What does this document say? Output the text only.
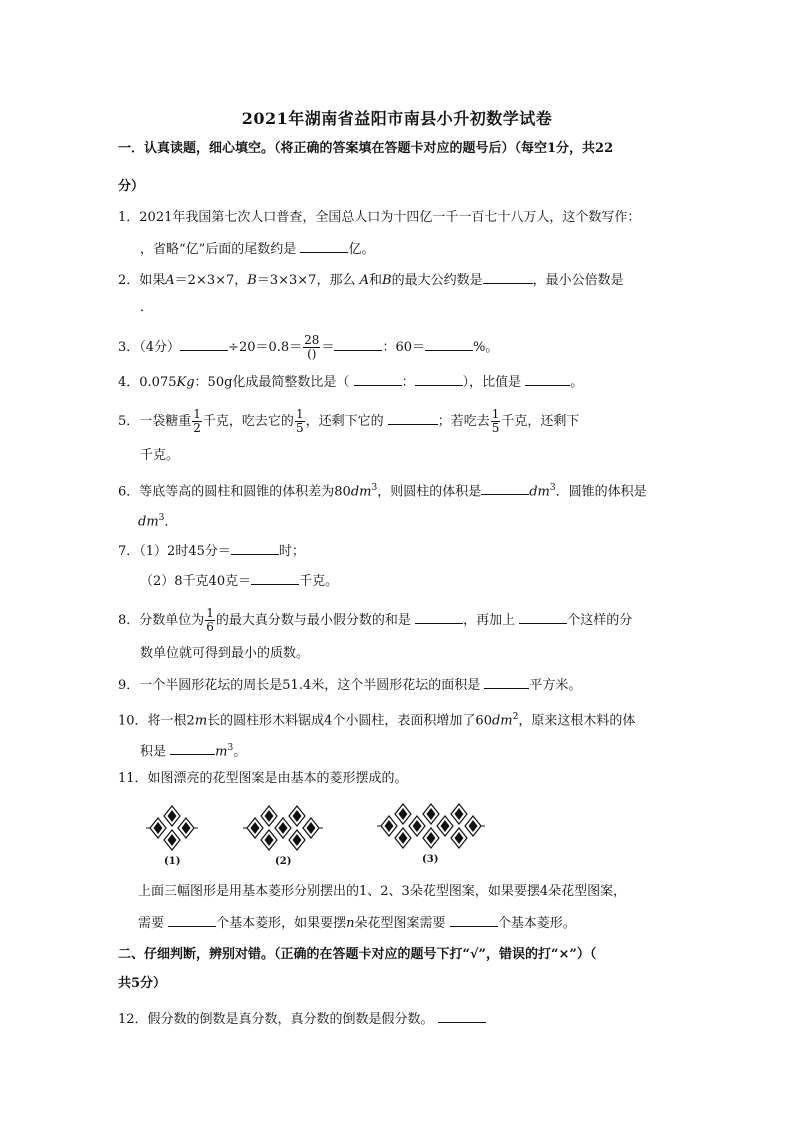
2021年湖南省益阳市南县小升初数学试卷
一．认真读题，细心填空。（将正确的答案填在答题卡对应的题号后）（每空1分，共22
分）
1．2021年我国第七次人口普查，全国总人口为十四亿一千一百七十八万人，这个数写作：
，省略“亿”后面的尾数约是	亿。
2．如果A＝2×3×7，B＝3×3×7，那么 A和B的最大公约数是	，最小公倍数是
．
3．（4分）	$\div 20=0.8= \frac{28}{()}$ ＝	：60＝	%。
4．0.075Kg：50g化成最简整数比是（	：	），比值是	。
5．一袋糖重 $\frac{1}{2}$ 千克，吃去它的 $\frac{1}{5}$ ，还剩下它的	；若吃去 $\frac{1}{5}$ 千克，还剩下
千克。
6．等底等高的圆柱和圆锥的体积差为$80dm^3$，则圆柱的体积是	$dm^3$．圆锥的体积是
$dm^3$．
7．（1）2时45分＝	时；
（2）8千克40克＝	千克。
8．分数单位为 $\frac{1}{6}$ 的最大真分数与最小假分数的和是	，再加上	个这样的分
数单位就可得到最小的质数。
9．一个半圆形花坛的周长是51.4米，这个半圆形花坛的面积是	平方米。
10．将一根2m长的圆柱形木料锯成4个小圆柱，表面积增加了$60dm^2$，原来这根木料的体
积是	$m^3$。
11．如图漂亮的花型图案是由基本的菱形摆成的。
(1)	(2)	(3)
上面三幅图形是用基本菱形分别摆出的1、2、3朵花型图案，如果要摆4朵花型图案，
需要	个基本菱形，如果要摆n朵花型图案需要	个基本菱形。
二、仔细判断，辨别对错。（正确的在答题卡对应的题号下打“√”，错误的打“×”）（
共5分）
12．假分数的倒数是真分数，真分数的倒数是假分数。
